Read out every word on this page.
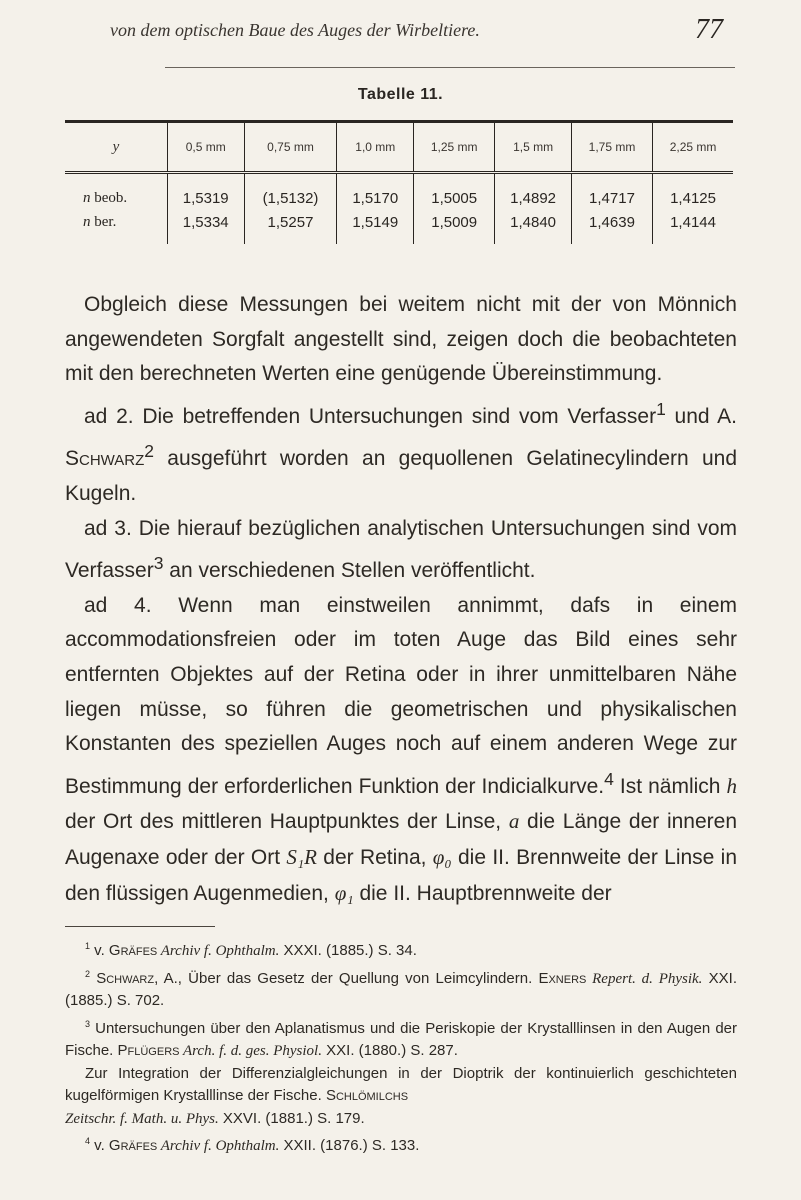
von dem optischen Baue des Auges der Wirbeltiere.	77
Tabelle 11.
y	0,5 mm	0,75 mm	1,0 mm	1,25 mm	1,5 mm	1,75 mm	2,25 mm
n beob.	1,5319	(1,5132)	1,5170	1,5005	1,4892	1,4717	1,4125
n ber.	1,5334	1,5257	1,5149	1,5009	1,4840	1,4639	1,4144

Obgleich diese Messungen bei weitem nicht mit der von Mönnich angewendeten Sorgfalt angestellt sind, zeigen doch die beobachteten mit den berechneten Werten eine genügende Übereinstimmung.

ad 2. Die betreffenden Untersuchungen sind vom Verfasser$^1$ und A. Schwarz$^2$ ausgeführt worden an gequollenen Gelatinecylindern und Kugeln.

ad 3. Die hierauf bezüglichen analytischen Untersuchungen sind vom Verfasser$^3$ an verschiedenen Stellen veröffentlicht.

ad 4. Wenn man einstweilen annimmt, dafs in einem accommodationsfreien oder im toten Auge das Bild eines sehr entfernten Objektes auf der Retina oder in ihrer unmittelbaren Nähe liegen müsse, so führen die geometrischen und physikalischen Konstanten des speziellen Auges noch auf einem anderen Wege zur Bestimmung der erforderlichen Funktion der Indicialkurve.$^4$ Ist nämlich h der Ort des mittleren Hauptpunktes der Linse, a die Länge der inneren Augenaxe oder der Ort S₁R der Retina, φ₀ die II. Brennweite der Linse in den flüssigen Augenmedien, φ₁ die II. Hauptbrennweite der

$^1$ v. Gräfes Archiv f. Ophthalm. XXXI. (1885.) S. 34.

$^2$ Schwarz, A., Über das Gesetz der Quellung von Leimcylindern. Exners Repert. d. Physik. XXI. (1885.) S. 702.

$^3$ Untersuchungen über den Aplanatismus und die Periskopie der Krystalllinsen in den Augen der Fische. Pflügers Arch. f. d. ges. Physiol. XXI. (1880.) S. 287.

Zur Integration der Differenzialgleichungen in der Dioptrik der kontinuierlich geschichteten kugelförmigen Krystalllinse der Fische. Schlömilchs
Zeitschr. f. Math. u. Phys. XXVI. (1881.) S. 179.

$^4$ v. Gräfes Archiv f. Ophthalm. XXII. (1876.) S. 133.
